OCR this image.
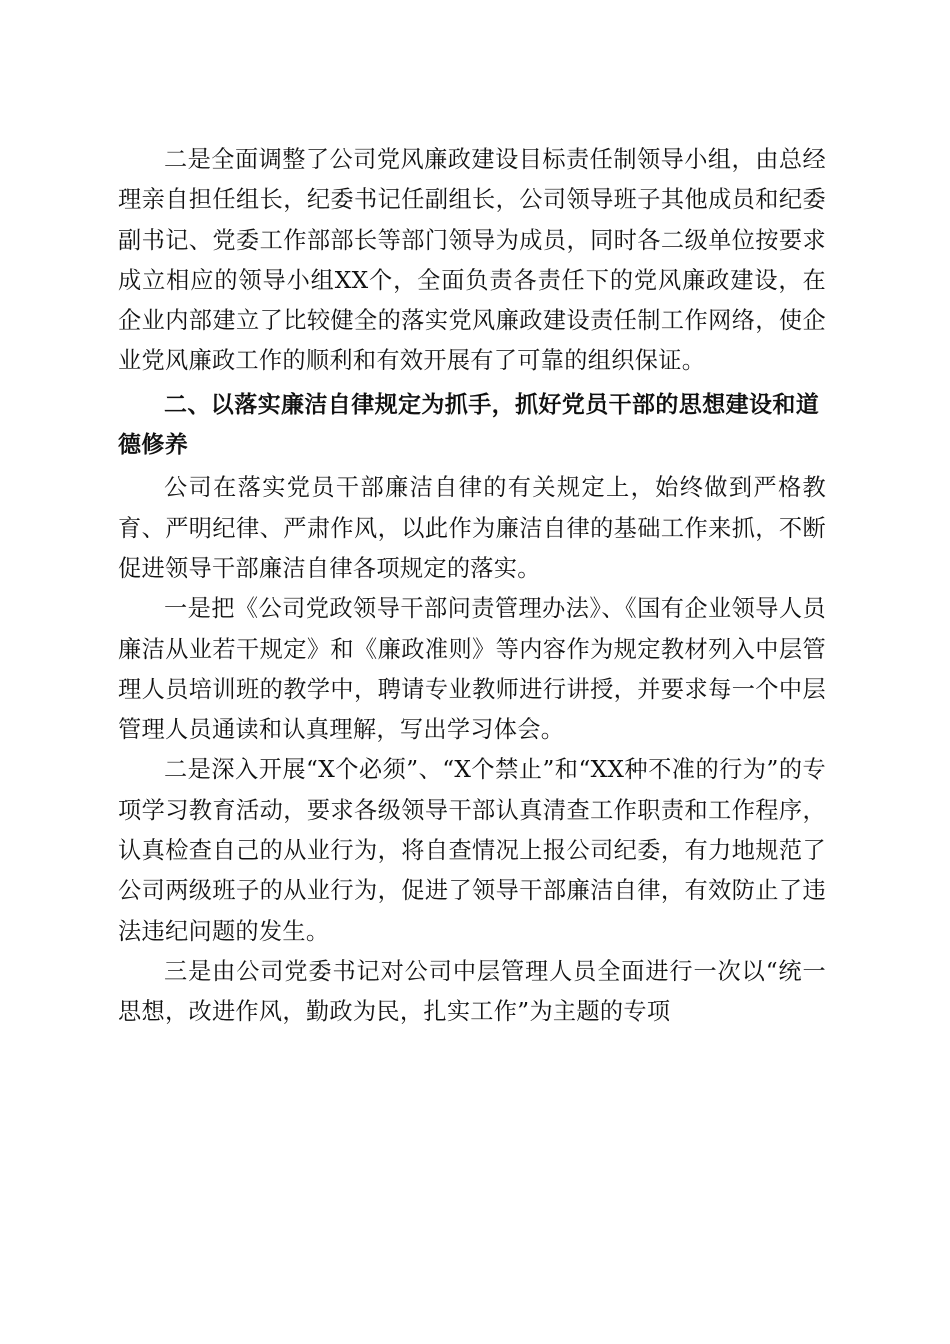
二是全面调整了公司党风廉政建设目标责任制领导小组，由总经理亲自担任组长，纪委书记任副组长，公司领导班子其他成员和纪委副书记、党委工作部部长等部门领导为成员，同时各二级单位按要求成立相应的领导小组XX个，全面负责各责任下的党风廉政建设，在企业内部建立了比较健全的落实党风廉政建设责任制工作网络，使企业党风廉政工作的顺利和有效开展有了可靠的组织保证。

二、以落实廉洁自律规定为抓手，抓好党员干部的思想建设和道德修养

公司在落实党员干部廉洁自律的有关规定上，始终做到严格教育、严明纪律、严肃作风，以此作为廉洁自律的基础工作来抓，不断促进领导干部廉洁自律各项规定的落实。

一是把《公司党政领导干部问责管理办法》、《国有企业领导人员廉洁从业若干规定》和《廉政准则》等内容作为规定教材列入中层管理人员培训班的教学中，聘请专业教师进行讲授，并要求每一个中层管理人员通读和认真理解，写出学习体会。

二是深入开展“X个必须”、“X个禁止”和“XX种不准的行为”的专项学习教育活动，要求各级领导干部认真清查工作职责和工作程序，认真检查自己的从业行为，将自查情况上报公司纪委，有力地规范了公司两级班子的从业行为，促进了领导干部廉洁自律，有效防止了违法违纪问题的发生。

三是由公司党委书记对公司中层管理人员全面进行一次以“统一思想，改进作风，勤政为民，扎实工作”为主题的专项
